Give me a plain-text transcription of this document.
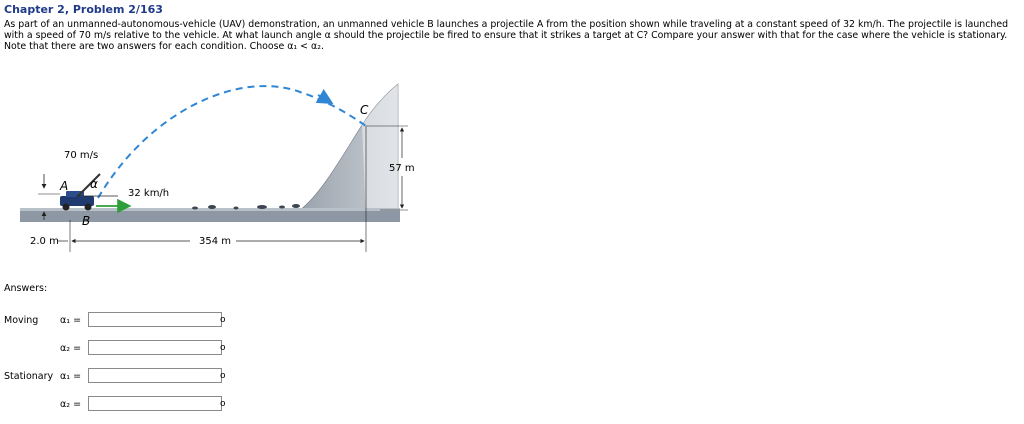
Chapter 2, Problem 2/163
As part of an unmanned-autonomous-vehicle (UAV) demonstration, an unmanned vehicle B launches a projectile A from the position shown while traveling at a constant speed of 32 km/h. The projectile is launched with a speed of 70 m/s relative to the vehicle. At what launch angle α should the projectile be fired to ensure that it strikes a target at C? Compare your answer with that for the case where the vehicle is stationary. Note that there are two answers for each condition. Choose α₁ < α₂.
70 m/s
32 km/h
57 m
354 m
2.0 m
A
B
C
α
Answers:
Moving α₁ =	o
α₂ =	o
Stationary α₁ =	o
α₂ =	o
